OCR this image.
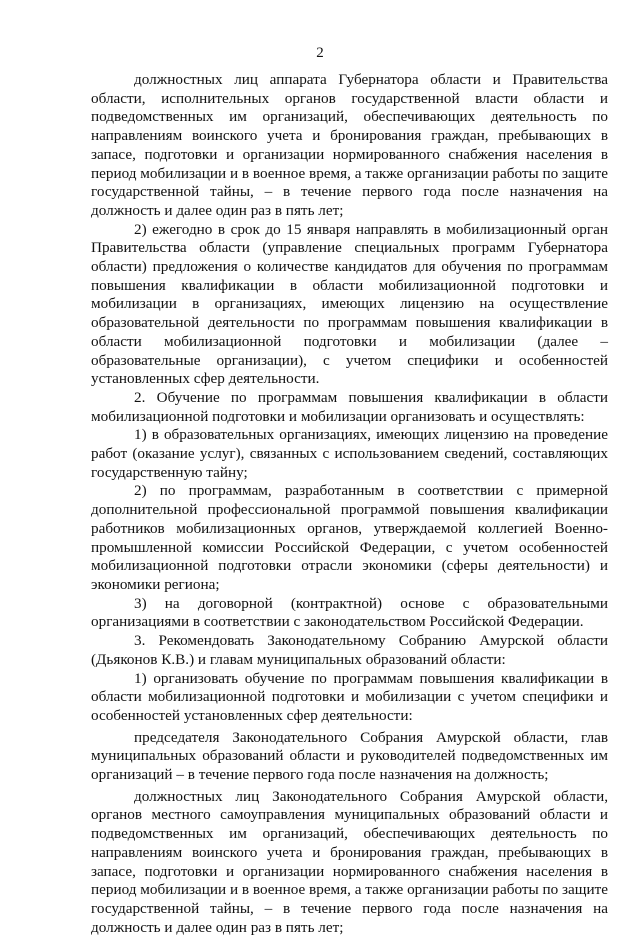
2

должностных лиц аппарата Губернатора области и Правительства области, исполнительных органов государственной власти области и подведомственных им организаций, обеспечивающих деятельность по направлениям воинского учета и бронирования граждан, пребывающих в запасе, подготовки и организации нормированного снабжения населения в период мобилизации и в военное время, а также организации работы по защите государственной тайны, – в течение первого года после назначения на должность и далее один раз в пять лет;

2) ежегодно в срок до 15 января направлять в мобилизационный орган Правительства области (управление специальных программ Губернатора области) предложения о количестве кандидатов для обучения по программам повышения квалификации в области мобилизационной подготовки и мобилизации в организациях, имеющих лицензию на осуществление образовательной деятельности по программам повышения квалификации в области мобилизационной подготовки и мобилизации (далее – образовательные организации), с учетом специфики и особенностей установленных сфер деятельности.

2. Обучение по программам повышения квалификации в области мобилизационной подготовки и мобилизации организовать и осуществлять:

1) в образовательных организациях, имеющих лицензию на проведение работ (оказание услуг), связанных с использованием сведений, составляющих государственную тайну;

2) по программам, разработанным в соответствии с примерной дополнительной профессиональной программой повышения квалификации работников мобилизационных органов, утверждаемой коллегией Военно-промышленной комиссии Российской Федерации, с учетом особенностей мобилизационной подготовки отрасли экономики (сферы деятельности) и экономики региона;

3) на договорной (контрактной) основе с образовательными организациями в соответствии с законодательством Российской Федерации.

3. Рекомендовать Законодательному Собранию Амурской области (Дьяконов К.В.) и главам муниципальных образований области:

1) организовать обучение по программам повышения квалификации в области мобилизационной подготовки и мобилизации с учетом специфики и особенностей установленных сфер деятельности:

председателя Законодательного Собрания Амурской области, глав муниципальных образований области и руководителей подведомственных им организаций – в течение первого года после назначения на должность;

должностных лиц Законодательного Собрания Амурской области, органов местного самоуправления муниципальных образований области и подведомственных им организаций, обеспечивающих деятельность по направлениям воинского учета и бронирования граждан, пребывающих в запасе, подготовки и организации нормированного снабжения населения в период мобилизации и в военное время, а также организации работы по защите государственной тайны, – в течение первого года после назначения на должность и далее один раз в пять лет;
